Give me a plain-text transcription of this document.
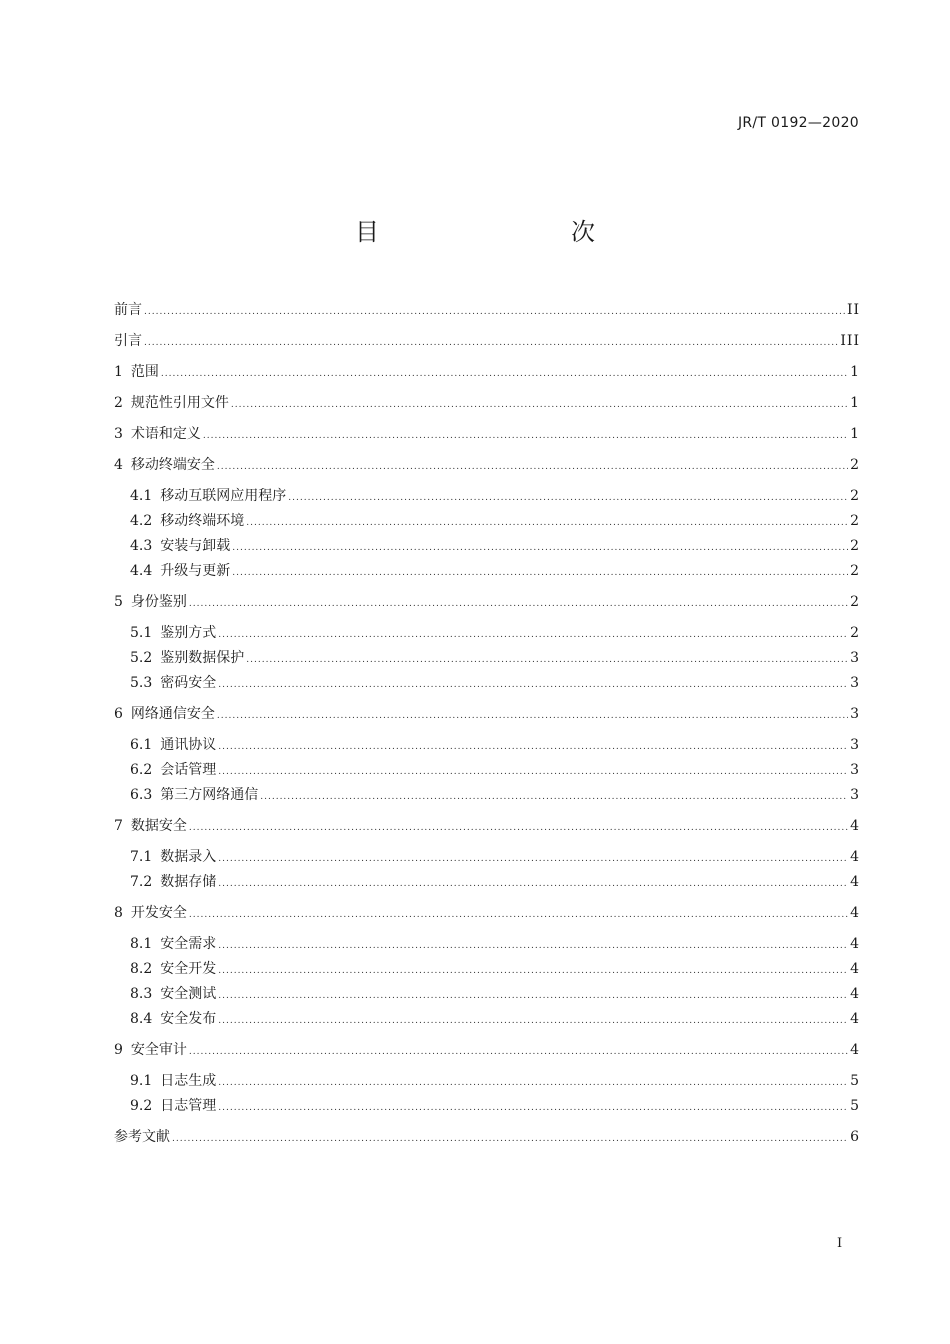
JR/T 0192—2020
目　　次
前言 .....	II
引言 .....	III
1 范围 .....	1
2 规范性引用文件 .....	1
3 术语和定义 .....	1
4 移动终端安全 .....	2
4.1 移动互联网应用程序 .....	2
4.2 移动终端环境 .....	2
4.3 安装与卸载 .....	2
4.4 升级与更新 .....	2
5 身份鉴别 .....	2
5.1 鉴别方式 .....	2
5.2 鉴别数据保护 .....	3
5.3 密码安全 .....	3
6 网络通信安全 .....	3
6.1 通讯协议 .....	3
6.2 会话管理 .....	3
6.3 第三方网络通信 .....	3
7 数据安全 .....	4
7.1 数据录入 .....	4
7.2 数据存储 .....	4
8 开发安全 .....	4
8.1 安全需求 .....	4
8.2 安全开发 .....	4
8.3 安全测试 .....	4
8.4 安全发布 .....	4
9 安全审计 .....	4
9.1 日志生成 .....	5
9.2 日志管理 .....	5
参考文献 .....	6
I
